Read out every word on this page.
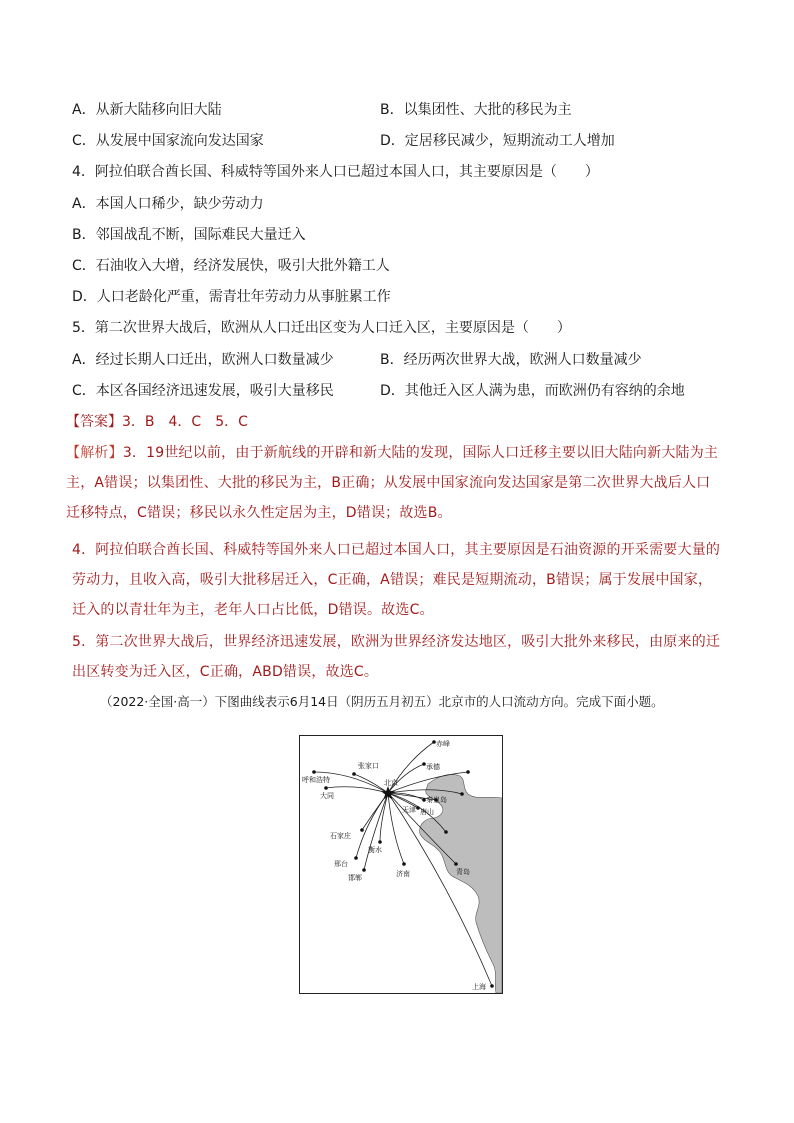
A．从新大陆移向旧大陆	B．以集团性、大批的移民为主
C．从发展中国家流向发达国家	D．定居移民减少，短期流动工人增加
4．阿拉伯联合酋长国、科威特等国外来人口已超过本国人口，其主要原因是（　　）
A．本国人口稀少，缺少劳动力
B．邻国战乱不断，国际难民大量迁入
C．石油收入大增，经济发展快，吸引大批外籍工人
D．人口老龄化严重，需青壮年劳动力从事脏累工作
5．第二次世界大战后，欧洲从人口迁出区变为人口迁入区，主要原因是（　　）
A．经过长期人口迁出，欧洲人口数量减少	B．经历两次世界大战，欧洲人口数量减少
C．本区各国经济迅速发展，吸引大量移民	D．其他迁入区人满为患，而欧洲仍有容纳的余地
【答案】3．B　4．C　5．C
【解析】3．19世纪以前，由于新航线的开辟和新大陆的发现，国际人口迁移主要以旧大陆向新大陆为主主，A错误；以集团性、大批的移民为主，B正确；从发展中国家流向发达国家是第二次世界大战后人口迁移特点，C错误；移民以永久性定居为主，D错误；故选B。
4．阿拉伯联合酋长国、科威特等国外来人口已超过本国人口，其主要原因是石油资源的开采需要大量的劳动力，且收入高，吸引大批移居迁入，C正确，A错误；难民是短期流动，B错误；属于发展中国家，迁入的以青壮年为主，老年人口占比低，D错误。故选C。
5．第二次世界大战后，世界经济迅速发展，欧洲为世界经济发达地区，吸引大批外来移民，由原来的迁出区转变为迁入区，C正确，ABD错误，故选C。
（2022·全国·高一）下图曲线表示6月14日（阴历五月初五）北京市的人口流动方向。完成下面小题。
赤峰
张家口	承德
呼和浩特	北京
大同	秦皇岛
天津 唐山
石家庄
衡水
邢台
邯郸	济南	青岛
上海
